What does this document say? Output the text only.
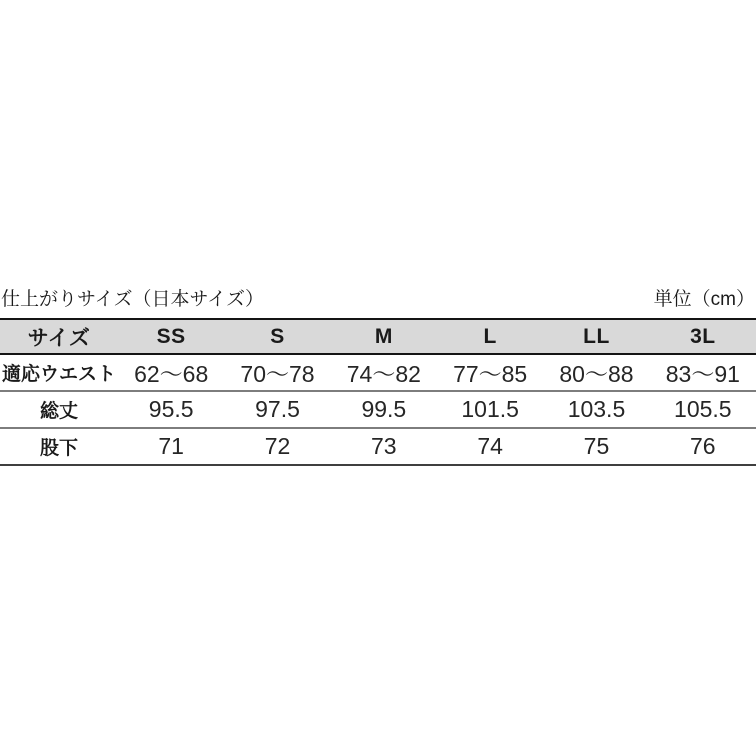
仕上がりサイズ（日本サイズ）	単位（cm）
サイズ	SS	S	M	L	LL	3L
適応ウエスト	62〜68	70〜78	74〜82	77〜85	80〜88	83〜91
総丈	95.5	97.5	99.5	101.5	103.5	105.5
股下	71	72	73	74	75	76
